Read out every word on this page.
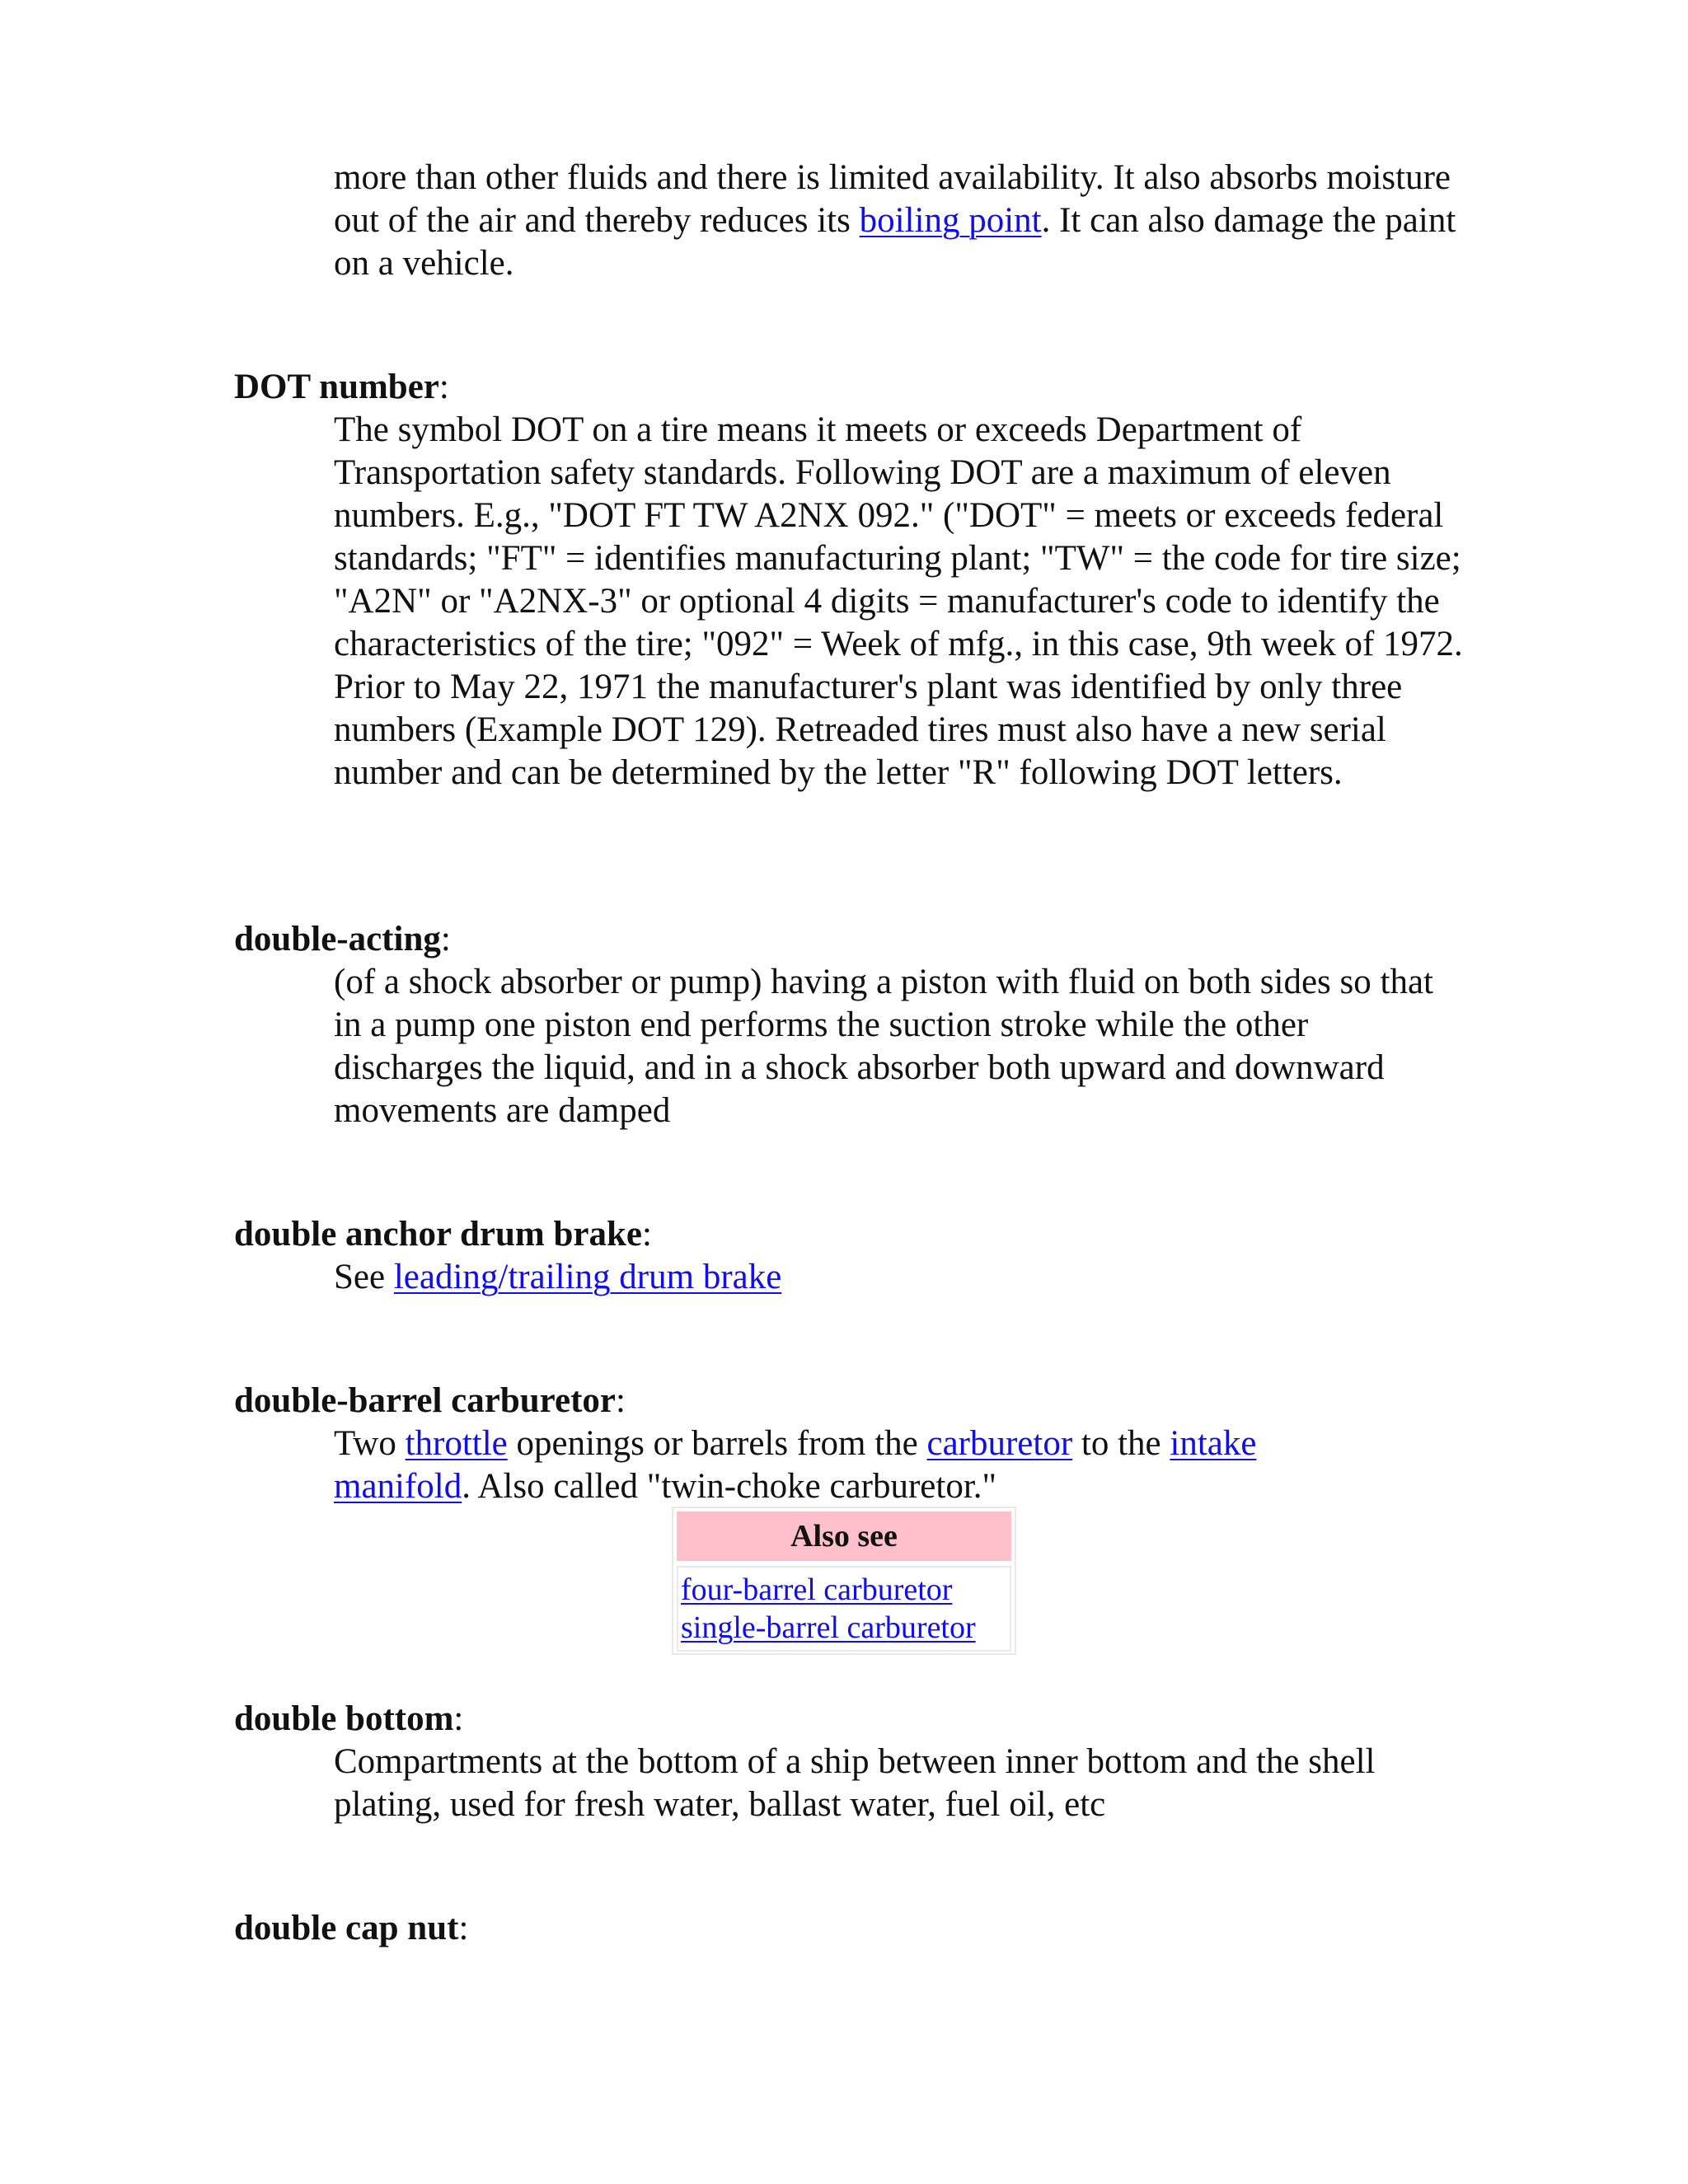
more than other fluids and there is limited availability. It also absorbs moisture out of the air and thereby reduces its boiling point. It can also damage the paint on a vehicle.

DOT number:

The symbol DOT on a tire means it meets or exceeds Department of Transportation safety standards. Following DOT are a maximum of eleven numbers. E.g., "DOT FT TW A2NX 092." ("DOT" = meets or exceeds federal standards; "FT" = identifies manufacturing plant; "TW" = the code for tire size; "A2N" or "A2NX-3" or optional 4 digits = manufacturer's code to identify the characteristics of the tire; "092" = Week of mfg., in this case, 9th week of 1972. Prior to May 22, 1971 the manufacturer's plant was identified by only three numbers (Example DOT 129). Retreaded tires must also have a new serial number and can be determined by the letter "R" following DOT letters.

double-acting:

(of a shock absorber or pump) having a piston with fluid on both sides so that in a pump one piston end performs the suction stroke while the other discharges the liquid, and in a shock absorber both upward and downward movements are damped

double anchor drum brake:

See leading/trailing drum brake

double-barrel carburetor:

Two throttle openings or barrels from the carburetor to the intake manifold. Also called "twin-choke carburetor."

Also see
four-barrel carburetor
single-barrel carburetor

double bottom:

Compartments at the bottom of a ship between inner bottom and the shell plating, used for fresh water, ballast water, fuel oil, etc

double cap nut:
